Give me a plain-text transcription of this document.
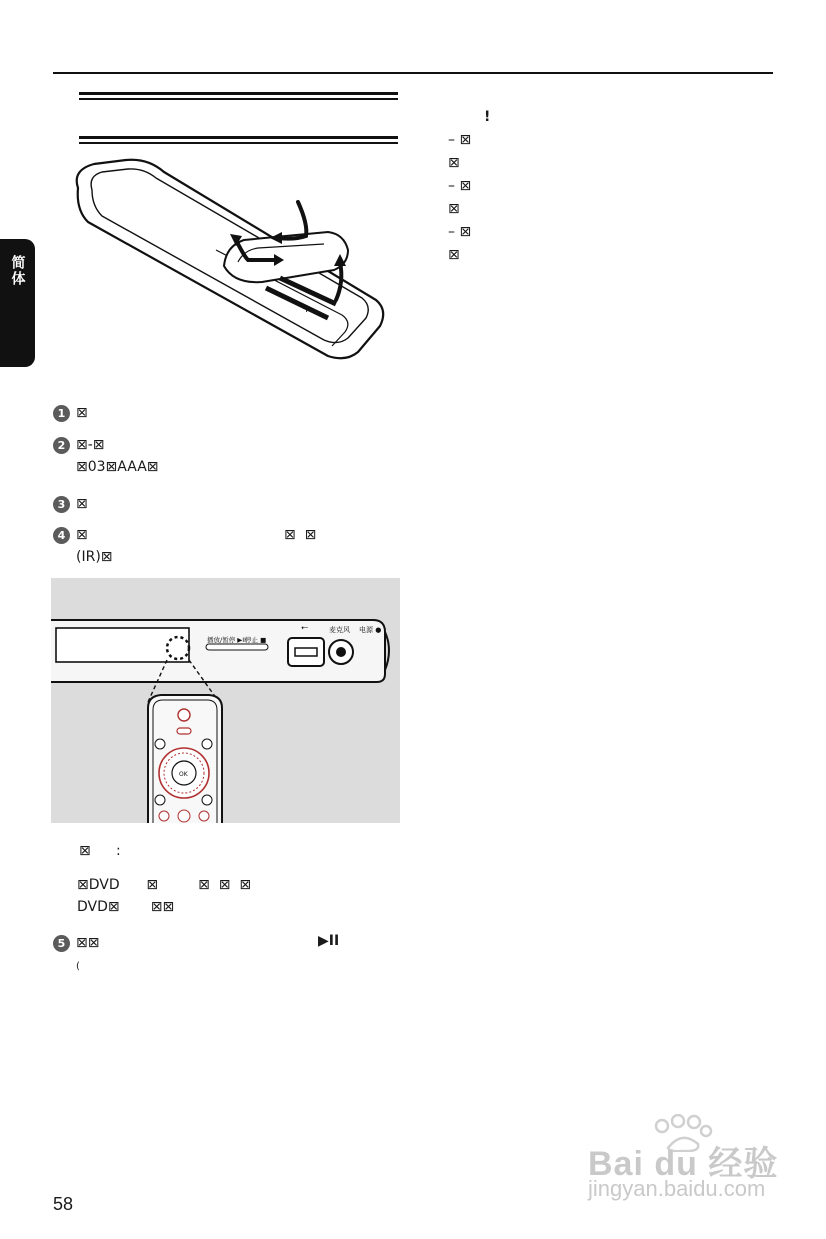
简体
+
1 ⊠
2 ⊠-⊠
⊠03⊠AAA⊠
3 ⊠
4 ⊠
(IR)⊠
⊠  ⊠
播放/暂停 ▶II
停止 ■
⭠	麦克风 电源 ●
OK
⊠ :
⊠DVD      ⊠         ⊠  ⊠  ⊠
DVD⊠       ⊠⊠
5 ⊠⊠
(
▶II
!
– ⊠
⊠
– ⊠
⊠
– ⊠
⊠
58
Bai du 经验
jingyan.baidu.com
